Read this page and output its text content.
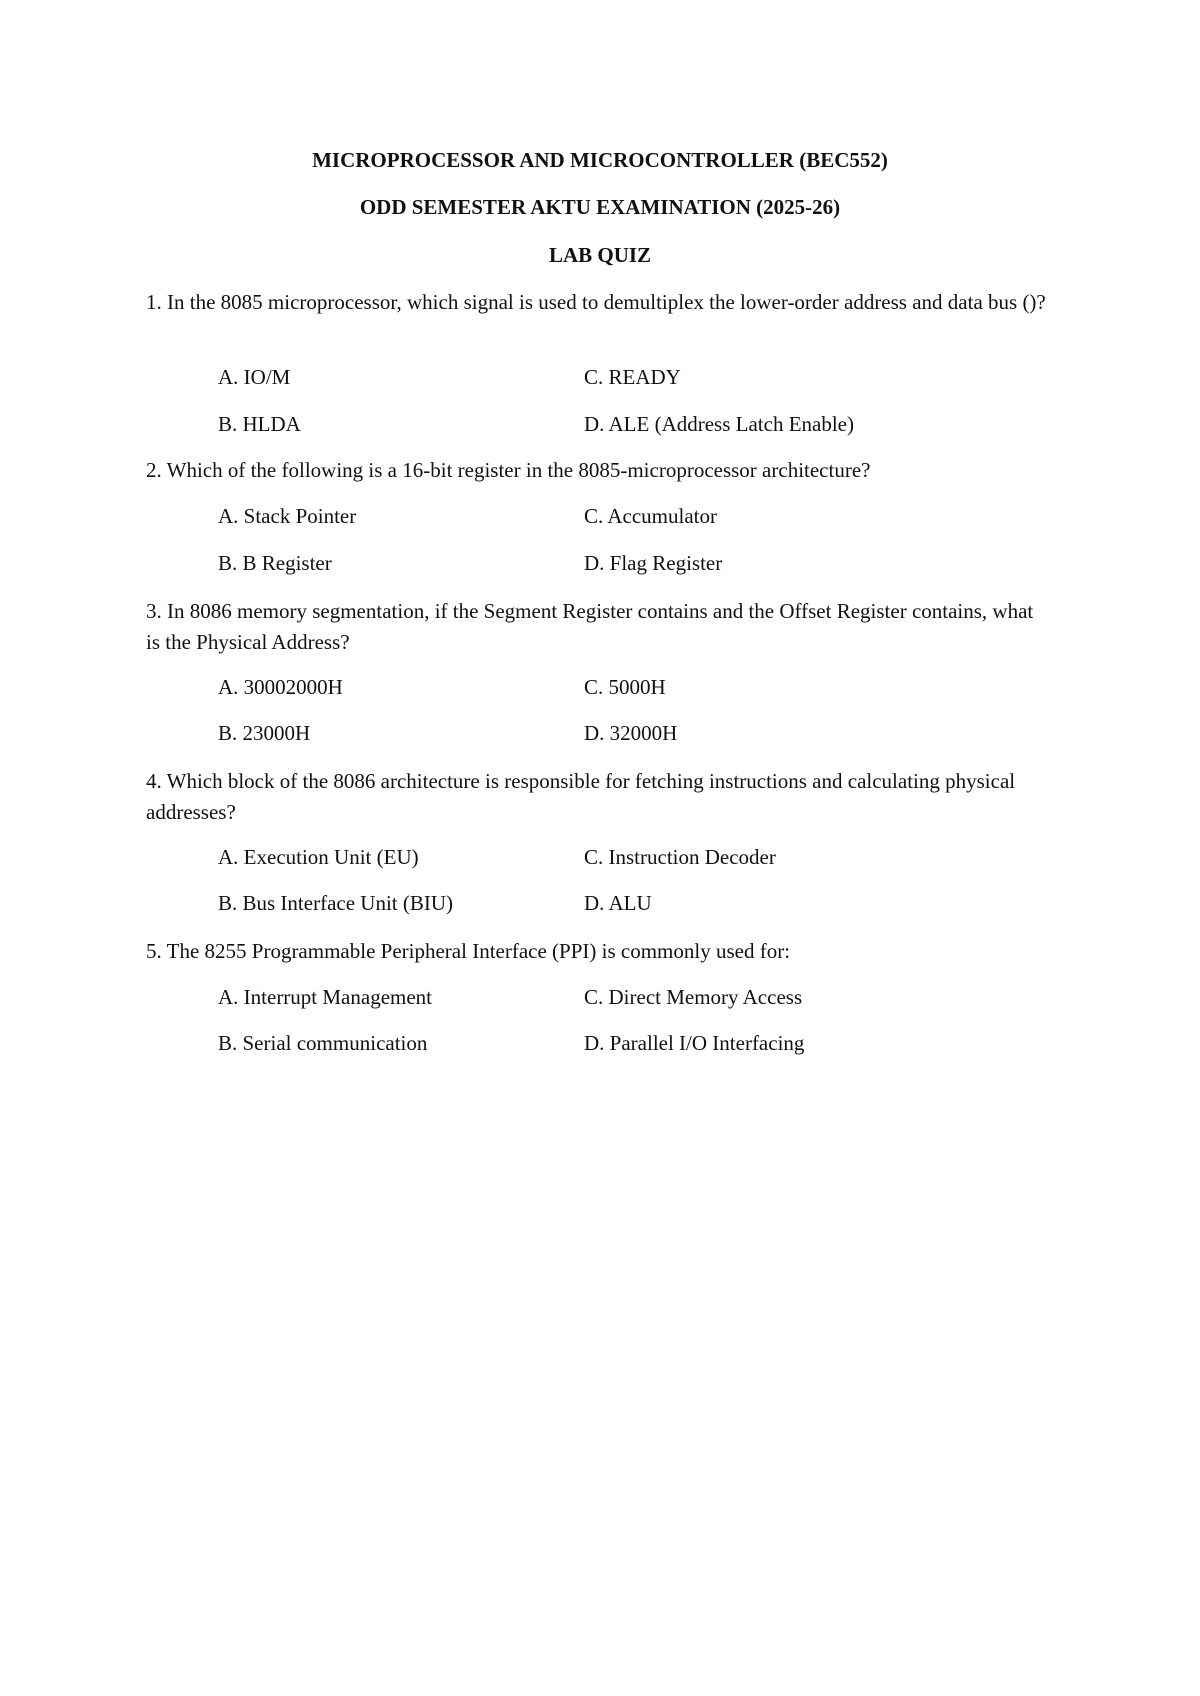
MICROPROCESSOR AND MICROCONTROLLER (BEC552)
ODD SEMESTER AKTU EXAMINATION (2025-26)
LAB QUIZ
1. In the 8085 microprocessor, which signal is used to demultiplex the lower-order address and data bus ()?
A. IO/M	C. READY
B. HLDA	D. ALE (Address Latch Enable)
2. Which of the following is a 16-bit register in the 8085-microprocessor architecture?
A. Stack Pointer	C. Accumulator
B. B Register	D. Flag Register
3. In 8086 memory segmentation, if the Segment Register contains and the Offset Register contains, what is the Physical Address?
A. 30002000H	C. 5000H
B. 23000H	D. 32000H
4. Which block of the 8086 architecture is responsible for fetching instructions and calculating physical addresses?
A. Execution Unit (EU)	C. Instruction Decoder
B. Bus Interface Unit (BIU)	D. ALU
5. The 8255 Programmable Peripheral Interface (PPI) is commonly used for:
A. Interrupt Management	C. Direct Memory Access
B. Serial communication	D. Parallel I/O Interfacing
